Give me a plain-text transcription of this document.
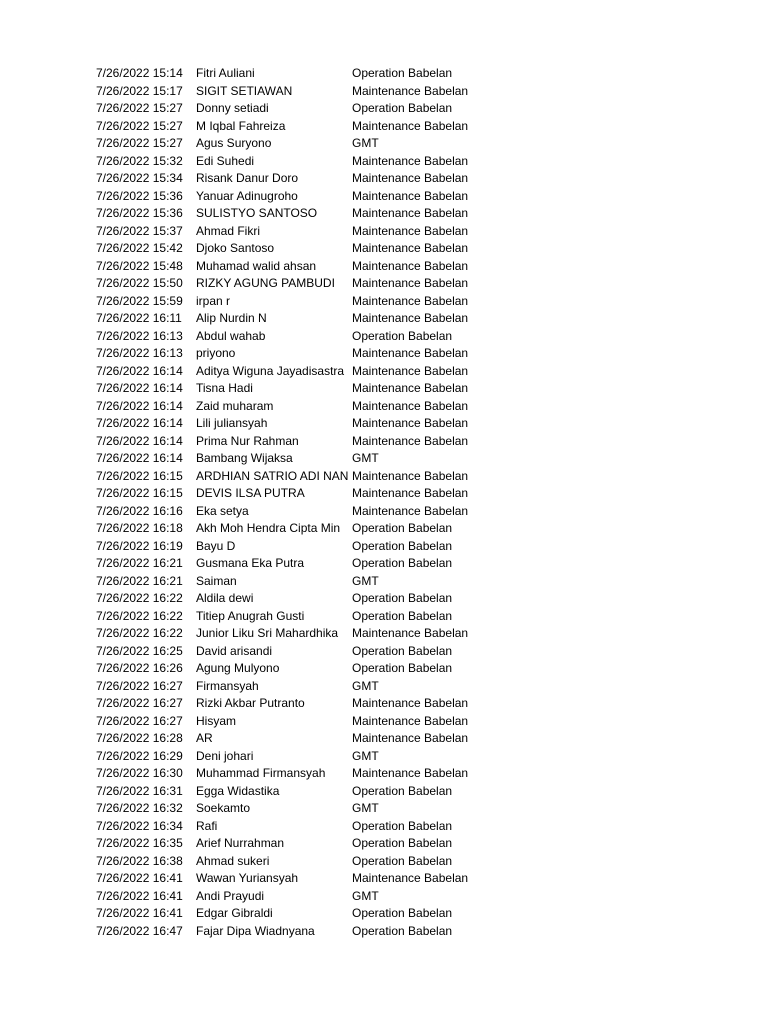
7/26/2022 15:14 Fitri Auliani	Operation Babelan
7/26/2022 15:17 SIGIT SETIAWAN	Maintenance Babelan
7/26/2022 15:27 Donny setiadi	Operation Babelan
7/26/2022 15:27 M Iqbal Fahreiza	Maintenance Babelan
7/26/2022 15:27 Agus Suryono	GMT
7/26/2022 15:32 Edi Suhedi	Maintenance Babelan
7/26/2022 15:34 Risank Danur Doro	Maintenance Babelan
7/26/2022 15:36 Yanuar Adinugroho	Maintenance Babelan
7/26/2022 15:36 SULISTYO SANTOSO	Maintenance Babelan
7/26/2022 15:37 Ahmad Fikri	Maintenance Babelan
7/26/2022 15:42 Djoko Santoso	Maintenance Babelan
7/26/2022 15:48 Muhamad walid ahsan	Maintenance Babelan
7/26/2022 15:50 RIZKY AGUNG PAMBUDI	Maintenance Babelan
7/26/2022 15:59 irpan r	Maintenance Babelan
7/26/2022 16:11 Alip Nurdin N	Maintenance Babelan
7/26/2022 16:13 Abdul wahab	Operation Babelan
7/26/2022 16:13 priyono	Maintenance Babelan
7/26/2022 16:14 Aditya Wiguna Jayadisastra Maintenance Babelan
7/26/2022 16:14 Tisna Hadi	Maintenance Babelan
7/26/2022 16:14 Zaid muharam	Maintenance Babelan
7/26/2022 16:14 Lili juliansyah	Maintenance Babelan
7/26/2022 16:14 Prima Nur Rahman	Maintenance Babelan
7/26/2022 16:14 Bambang Wijaksa	GMT
7/26/2022 16:15 ARDHIAN SATRIO ADI NAN Maintenance Babelan
7/26/2022 16:15 DEVIS ILSA PUTRA	Maintenance Babelan
7/26/2022 16:16 Eka setya	Maintenance Babelan
7/26/2022 16:18 Akh Moh Hendra Cipta Min Operation Babelan
7/26/2022 16:19 Bayu D	Operation Babelan
7/26/2022 16:21 Gusmana Eka Putra	Operation Babelan
7/26/2022 16:21 Saiman	GMT
7/26/2022 16:22 Aldila dewi	Operation Babelan
7/26/2022 16:22 Titiep Anugrah Gusti	Operation Babelan
7/26/2022 16:22 Junior Liku Sri Mahardhika	Maintenance Babelan
7/26/2022 16:25 David arisandi	Operation Babelan
7/26/2022 16:26 Agung Mulyono	Operation Babelan
7/26/2022 16:27 Firmansyah	GMT
7/26/2022 16:27 Rizki Akbar Putranto	Maintenance Babelan
7/26/2022 16:27 Hisyam	Maintenance Babelan
7/26/2022 16:28 AR	Maintenance Babelan
7/26/2022 16:29 Deni johari	GMT
7/26/2022 16:30 Muhammad Firmansyah	Maintenance Babelan
7/26/2022 16:31 Egga Widastika	Operation Babelan
7/26/2022 16:32 Soekamto	GMT
7/26/2022 16:34 Rafi	Operation Babelan
7/26/2022 16:35 Arief Nurrahman	Operation Babelan
7/26/2022 16:38 Ahmad sukeri	Operation Babelan
7/26/2022 16:41 Wawan Yuriansyah	Maintenance Babelan
7/26/2022 16:41 Andi Prayudi	GMT
7/26/2022 16:41 Edgar Gibraldi	Operation Babelan
7/26/2022 16:47 Fajar Dipa Wiadnyana	Operation Babelan
